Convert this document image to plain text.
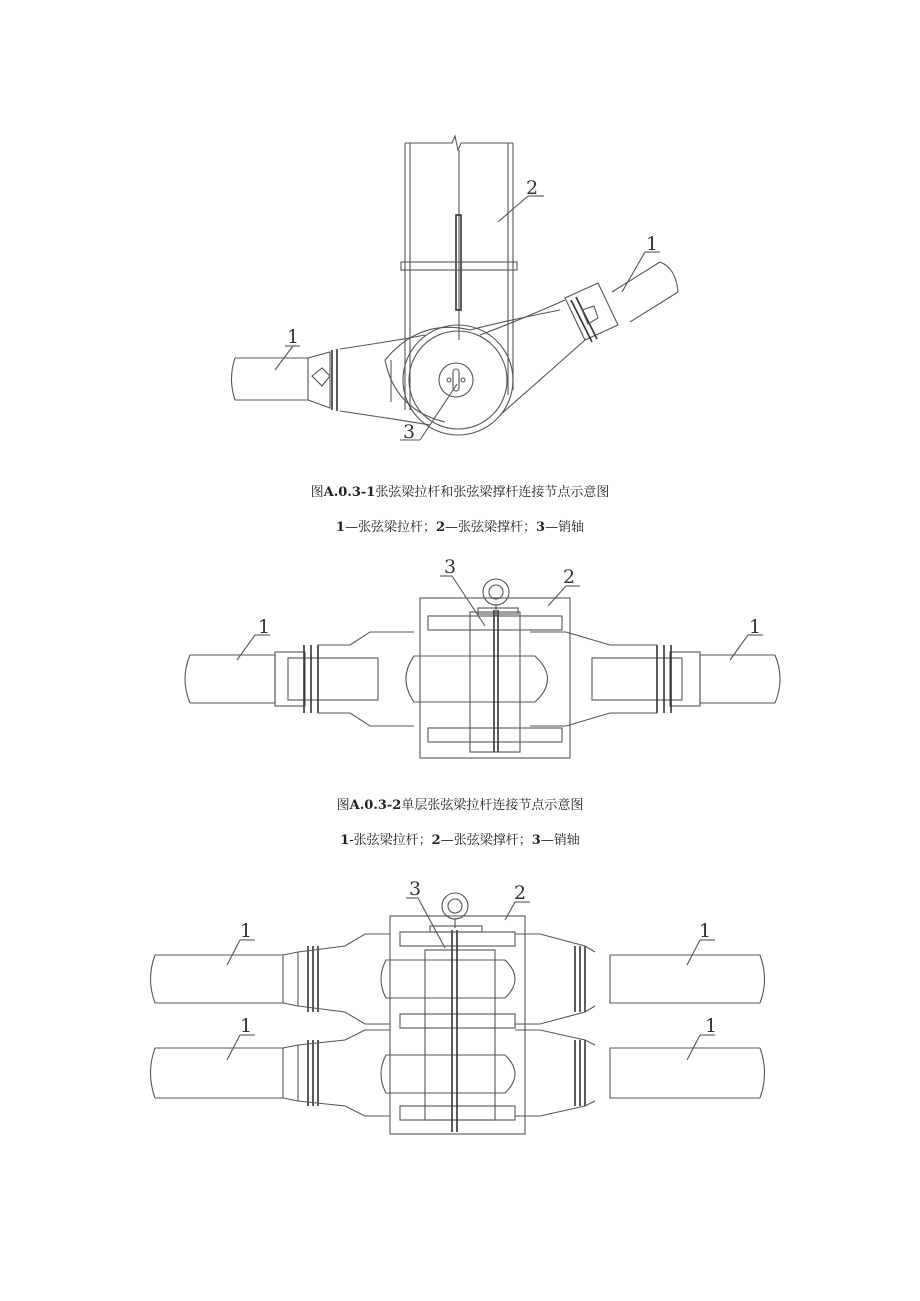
1
1
2
3
图A.0.3-1张弦梁拉杆和张弦梁撑杆连接节点示意图
1—张弦梁拉杆；2—张弦梁撑杆；3—销轴
3	2
1	1
图A.0.3-2单层张弦梁拉杆连接节点示意图
1-张弦梁拉杆；2—张弦梁撑杆；3—销轴
3	2
1	1
1	1
